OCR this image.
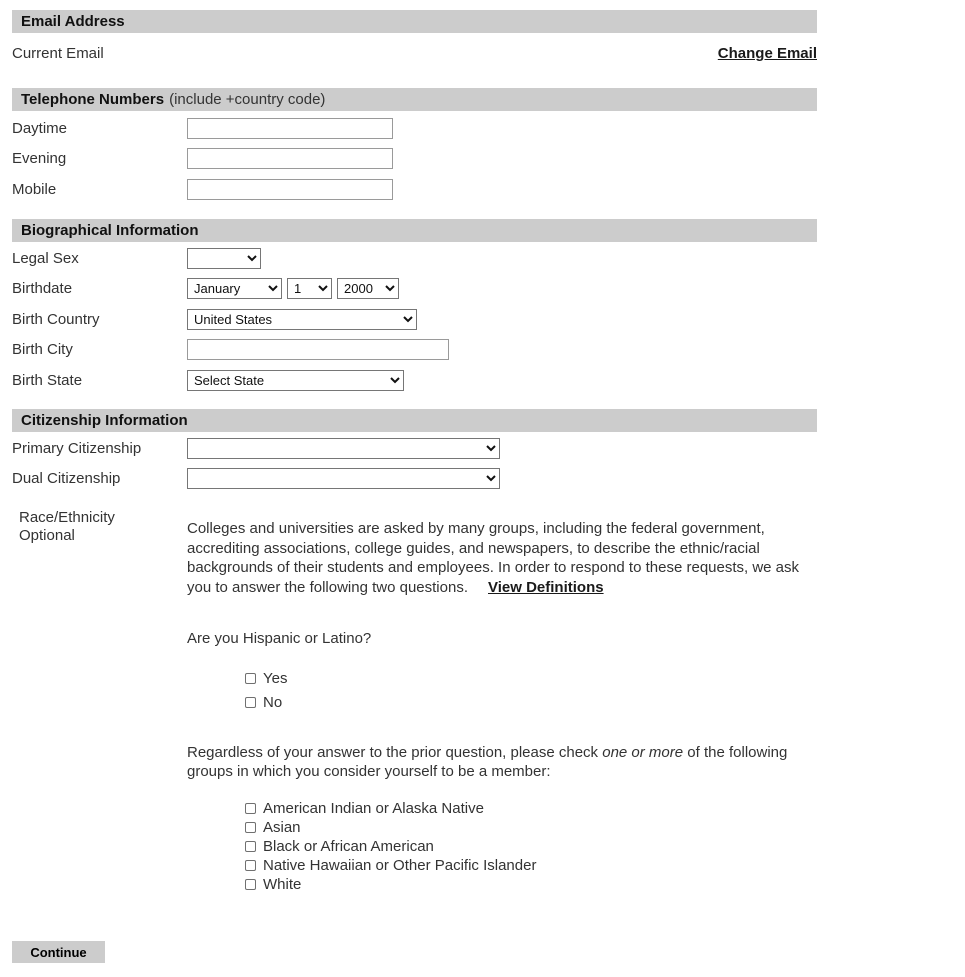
Email Address
Current Email	Change Email
Telephone Numbers (include +country code)
Daytime
Evening
Mobile
Biographical Information
Legal Sex
Birthdate
January
1
2000
Birth Country
United States
Birth City
Birth State
Select State
Citizenship Information
Primary Citizenship
Dual Citizenship
Race/Ethnicity
Optional	Colleges and universities are asked by many groups, including the federal government, accrediting associations, college guides, and newspapers, to describe the ethnic/racial backgrounds of their students and employees. In order to respond to these requests, we ask you to answer the following two questions. View Definitions

Are you Hispanic or Latino?

Yes
No

Regardless of your answer to the prior question, please check one or more of the following groups in which you consider yourself to be a member:

American Indian or Alaska Native
Asian
Black or African American
Native Hawaiian or Other Pacific Islander
White
Continue
